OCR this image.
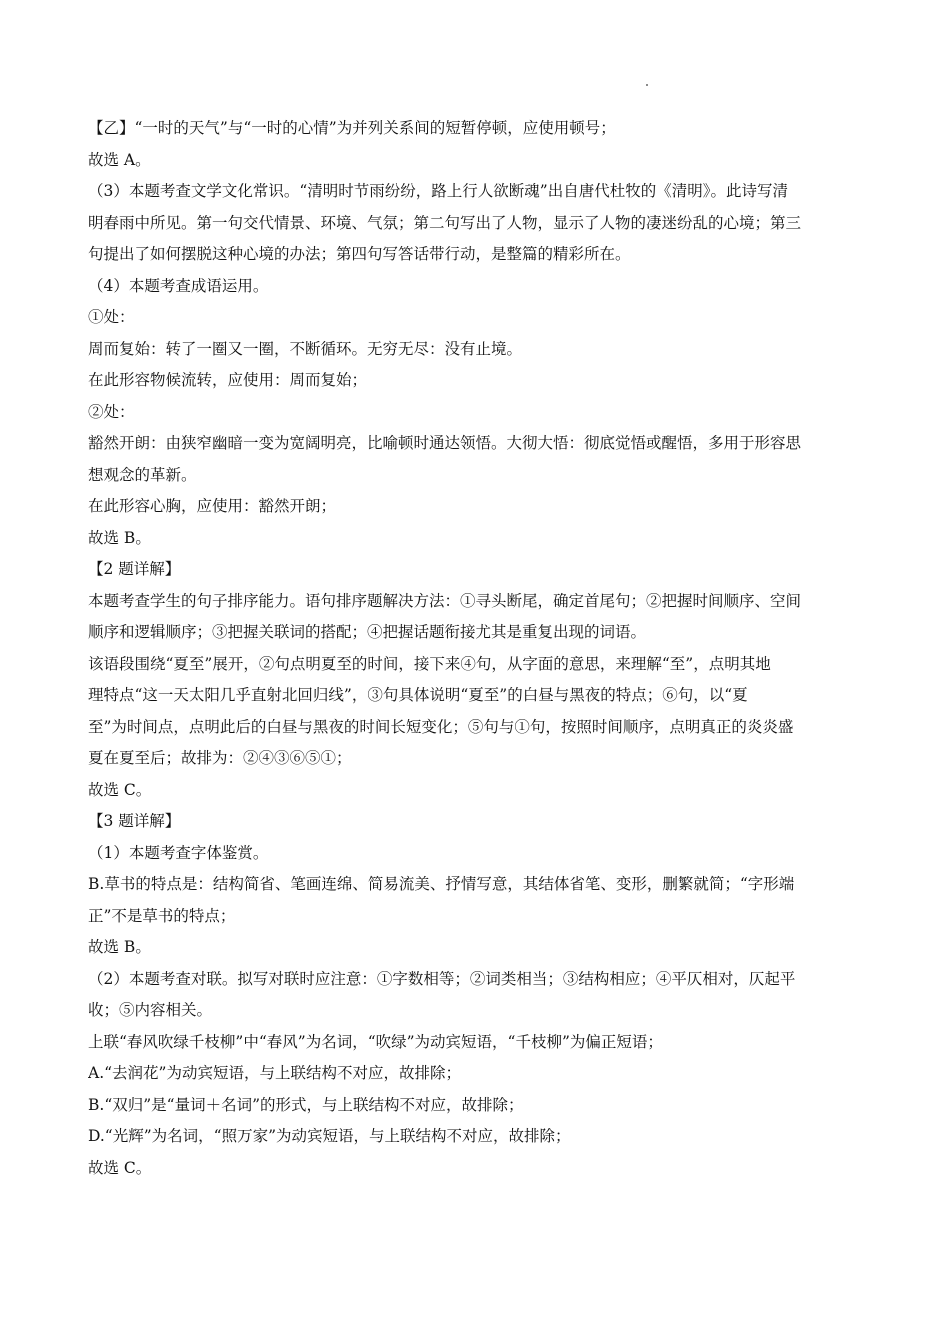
【乙】“一时的天气”与“一时的心情”为并列关系间的短暂停顿，应使用顿号；
故选 A。
（3）本题考查文学文化常识。“清明时节雨纷纷，路上行人欲断魂”出自唐代杜牧的《清明》。此诗写清
明春雨中所见。第一句交代情景、环境、气氛；第二句写出了人物，显示了人物的凄迷纷乱的心境；第三
句提出了如何摆脱这种心境的办法；第四句写答话带行动，是整篇的精彩所在。
（4）本题考查成语运用。
①处：
周而复始：转了一圈又一圈，不断循环。无穷无尽：没有止境。
在此形容物候流转，应使用：周而复始；
②处：
豁然开朗：由狭窄幽暗一变为宽阔明亮，比喻顿时通达领悟。大彻大悟：彻底觉悟或醒悟，多用于形容思
想观念的革新。
在此形容心胸，应使用：豁然开朗；
故选 B。
【2 题详解】
本题考查学生的句子排序能力。语句排序题解决方法：①寻头断尾，确定首尾句；②把握时间顺序、空间
顺序和逻辑顺序；③把握关联词的搭配；④把握话题衔接尤其是重复出现的词语。
该语段围绕“夏至”展开，②句点明夏至的时间，接下来④句，从字面的意思，来理解“至”，点明其地
理特点“这一天太阳几乎直射北回归线”，③句具体说明“夏至”的白昼与黑夜的特点；⑥句，以“夏
至”为时间点，点明此后的白昼与黑夜的时间长短变化；⑤句与①句，按照时间顺序，点明真正的炎炎盛
夏在夏至后；故排为：②④③⑥⑤①；
故选 C。
【3 题详解】
（1）本题考查字体鉴赏。
B.草书的特点是：结构简省、笔画连绵、简易流美、抒情写意，其结体省笔、变形，删繁就简；“字形端
正”不是草书的特点；
故选 B。
（2）本题考查对联。拟写对联时应注意：①字数相等；②词类相当；③结构相应；④平仄相对，仄起平
收；⑤内容相关。
上联“春风吹绿千枝柳”中“春风”为名词，“吹绿”为动宾短语，“千枝柳”为偏正短语；
A.“去润花”为动宾短语，与上联结构不对应，故排除；
B.“双归”是“量词＋名词”的形式，与上联结构不对应，故排除；
D.“光辉”为名词，“照万家”为动宾短语，与上联结构不对应，故排除；
故选 C。
